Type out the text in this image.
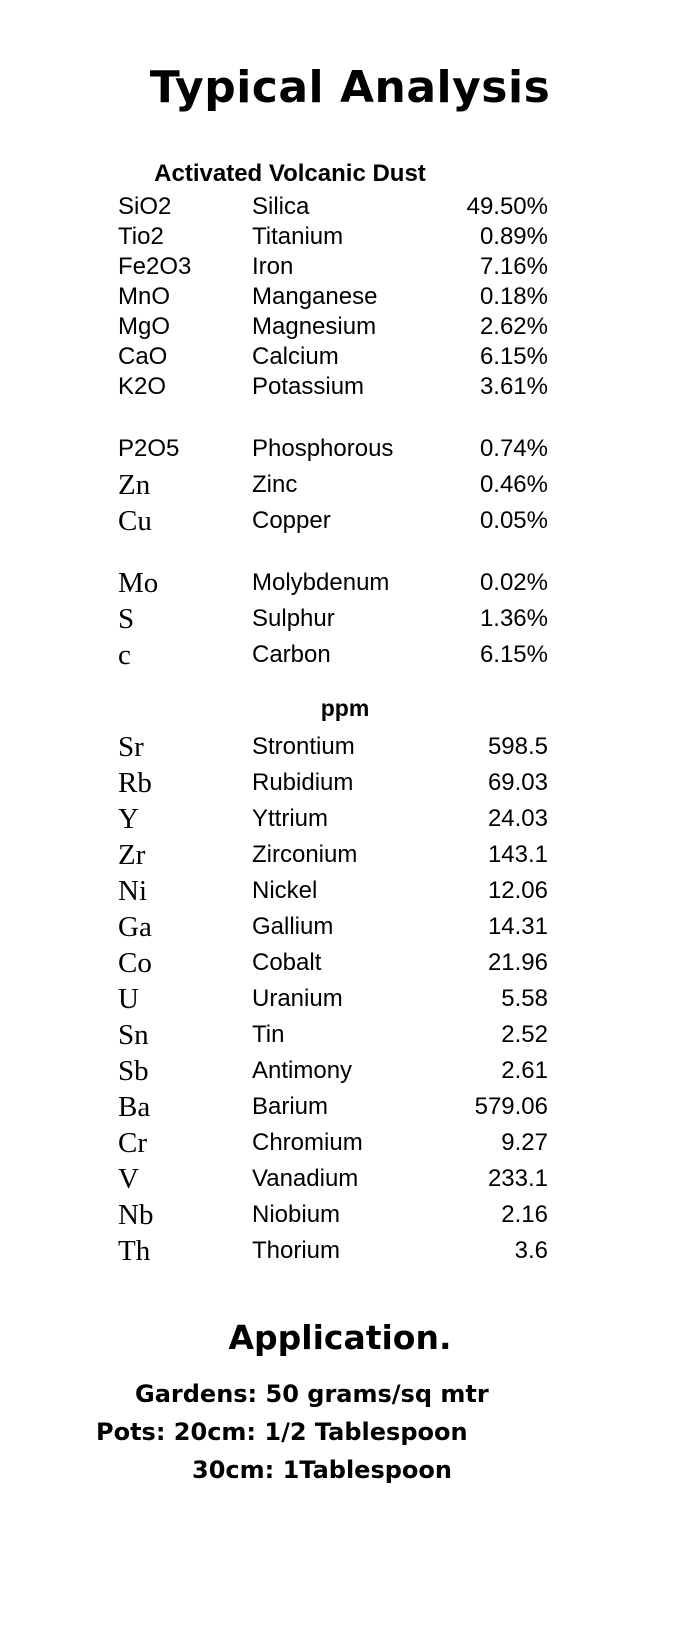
Typical Analysis
Activated Volcanic Dust
SiO2	Silica	49.50%
Tio2	Titanium	0.89%
Fe2O3	Iron	7.16%
MnO	Manganese	0.18%
MgO	Magnesium	2.62%
CaO	Calcium	6.15%
K2O	Potassium	3.61%
P2O5	Phosphorous	0.74%
Zn	Zinc	0.46%
Cu	Copper	0.05%
Mo	Molybdenum	0.02%
S	Sulphur	1.36%
c	Carbon	6.15%
ppm
Sr	Strontium	598.5
Rb	Rubidium	69.03
Y	Yttrium	24.03
Zr	Zirconium	143.1
Ni	Nickel	12.06
Ga	Gallium	14.31
Co	Cobalt	21.96
U	Uranium	5.58
Sn	Tin	2.52
Sb	Antimony	2.61
Ba	Barium	579.06
Cr	Chromium	9.27
V	Vanadium	233.1
Nb	Niobium	2.16
Th	Thorium	3.6
Application.
Gardens: 50 grams/sq mtr
Pots: 20cm: 1/2 Tablespoon
30cm: 1Tablespoon
